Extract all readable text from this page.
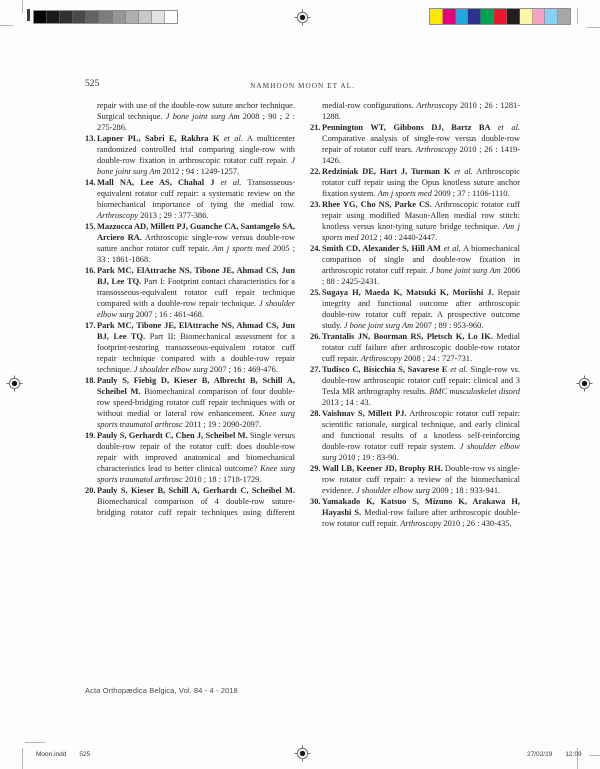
525	NAMHOON MOON ET AL.
repair with use of the double-row suture anchor technique. Surgical technique. J bone joint surg Am 2008 ; 90 ; 2 : 275-286.
13. Lapner PL, Sabri E, Rakhra K et al. A multicenter randomized controlled trial comparing single-row with double-row fixation in arthroscopic rotator cuff repair. J bone joint surg Am 2012 ; 94 : 1249-1257.
14. Mall NA, Lee AS, Chahal J et al. Transosseous-equivalent rotator cuff repair: a systematic review on the biomechanical importance of tying the medial row. Arthroscopy 2013 ; 29 : 377-386.
15. Mazzocca AD, Millett PJ, Guanche CA, Santangelo SA, Arciero RA. Arthroscopic single-row versus double-row suture anchor rotator cuff repair. Am j sports med 2005 ; 33 : 1861-1868.
16. Park MC, ElAttrache NS, Tibone JE, Ahmad CS, Jun BJ, Lee TQ. Part I: Footprint contact characteristics for a transosseous-equivalent rotator cuff repair technique compared with a double-row repair technique. J shoulder elbow surg 2007 ; 16 : 461-468.
17. Park MC, Tibone JE, ElAttrache NS, Ahmad CS, Jun BJ, Lee TQ. Part II: Biomechanical assessment for a footprint-restoring transosseous-equivalent rotator cuff repair technique compared with a double-row repair technique. J shoulder elbow surg 2007 ; 16 : 469-476.
18. Pauly S, Fiebig D, Kieser B, Albrecht B, Schill A, Scheibel M. Biomechanical comparison of four double-row speed-bridging rotator cuff repair techniques with or without medial or lateral row enhancement. Knee surg sports traumatol arthrosc 2011 ; 19 : 2090-2097.
19. Pauly S, Gerhardt C, Chen J, Scheibel M. Single versus double-row repair of the rotator cuff: does double-row repair with improved anatomical and biomechanical characteristics lead to better clinical outcome? Knee surg sports traumatol arthrosc 2010 ; 18 : 1718-1729.
20. Pauly S, Kieser B, Schill A, Gerhardt C, Scheibel M. Biomechanical comparison of 4 double-row suture-bridging rotator cuff repair techniques using different
medial-row configurations. Arthroscopy 2010 ; 26 : 1281-1288.
21. Pennington WT, Gibbons DJ, Bartz BA et al. Comparative analysis of single-row versus double-row repair of rotator cuff tears. Arthroscopy 2010 ; 26 : 1419-1426.
22. Redziniak DE, Hart J, Turman K et al. Arthroscopic rotator cuff repair using the Opus knotless suture anchor fixation system. Am j sports med 2009 ; 37 : 1106-1110.
23. Rhee YG, Cho NS, Parke CS. Arthroscopic rotator cuff repair using modified Mason-Allen medial row stitch: knotless versus knot-tying suture bridge technique. Am j sports med 2012 ; 40 : 2440-2447.
24. Smith CD, Alexander S, Hill AM et al. A biomechanical comparison of single and double-row fixation in arthroscopic rotator cuff repair. J bone joint surg Am 2006 ; 88 : 2425-2431.
25. Sugaya H, Maeda K, Matsuki K, Moriishi J. Repair integrity and functional outcome after arthroscopic double-row rotator cuff repair. A prospective outcome study. J bone joint surg Am 2007 ; 89 : 953-960.
26. Trantalis JN, Boorman RS, Pletsch K, Lo IK. Medial rotator cuff failure after arthroscopic double-row rotator cuff repair. Arthroscopy 2008 ; 24 : 727-731.
27. Tudisco C, Bisicchia S, Savarese E et al. Single-row vs. double-row arthroscopic rotator cuff repair: clinical and 3 Tesla MR arthrography results. BMC musculoskelet disord 2013 ; 14 : 43.
28. Vaishnav S, Millett PJ. Arthroscopic rotator cuff repair: scientific rationale, surgical technique, and early clinical and functional results of a knotless self-reinforcing double-row rotator cuff repair system. J shoulder elbow surg 2010 ; 19 : 83-90.
29. Wall LB, Keener JD, Brophy RH. Double-row vs single-row rotator cuff repair: a review of the biomechanical evidence. J shoulder elbow surg 2009 ; 18 : 933-941.
30. Yamakado K, Katsuo S, Mizuno K, Arakawa H, Hayashi S. Medial-row failure after arthroscopic double-row rotator cuff repair. Arthroscopy 2010 ; 26 : 430-435.
Acta Orthopædica Belgica, Vol. 84 - 4 - 2018
Moon.indd 525	27/02/19 12:09
